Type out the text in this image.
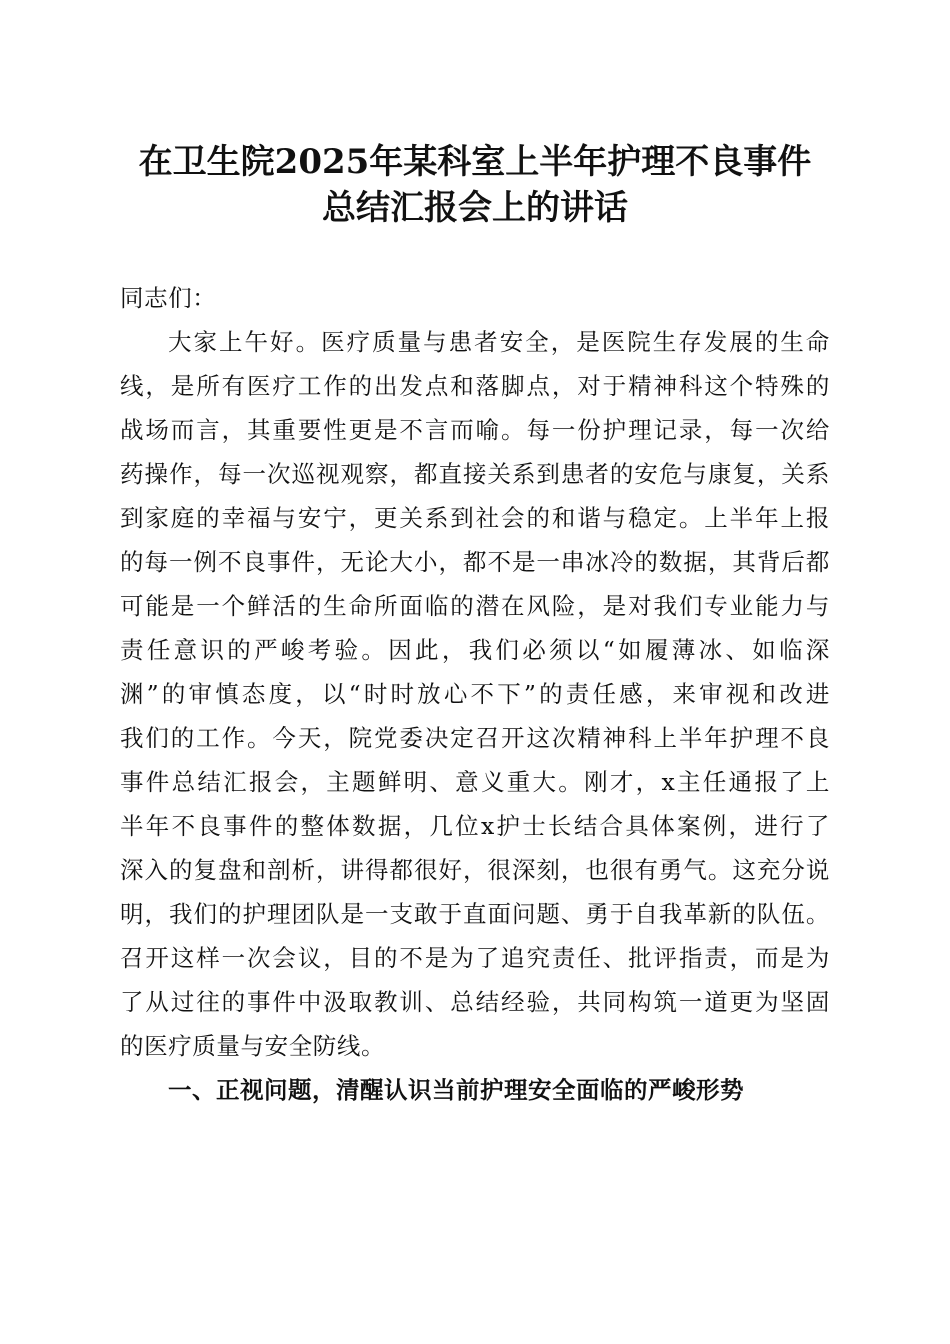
在卫生院2025年某科室上半年护理不良事件
总结汇报会上的讲话
同志们：
大家上午好。医疗质量与患者安全，是医院生存发展的生命
线，是所有医疗工作的出发点和落脚点，对于精神科这个特殊的
战场而言，其重要性更是不言而喻。每一份护理记录，每一次给
药操作，每一次巡视观察，都直接关系到患者的安危与康复，关系
到家庭的幸福与安宁，更关系到社会的和谐与稳定。上半年上报
的每一例不良事件，无论大小，都不是一串冰冷的数据，其背后都
可能是一个鲜活的生命所面临的潜在风险，是对我们专业能力与
责任意识的严峻考验。因此，我们必须以“如履薄冰、如临深
渊”的审慎态度，以“时时放心不下”的责任感，来审视和改进
我们的工作。今天，院党委决定召开这次精神科上半年护理不良
事件总结汇报会，主题鲜明、意义重大。刚才，x主任通报了上
半年不良事件的整体数据，几位x护士长结合具体案例，进行了
深入的复盘和剖析，讲得都很好，很深刻，也很有勇气。这充分说
明，我们的护理团队是一支敢于直面问题、勇于自我革新的队伍。
召开这样一次会议，目的不是为了追究责任、批评指责，而是为
了从过往的事件中汲取教训、总结经验，共同构筑一道更为坚固
的医疗质量与安全防线。
一、正视问题，清醒认识当前护理安全面临的严峻形势
